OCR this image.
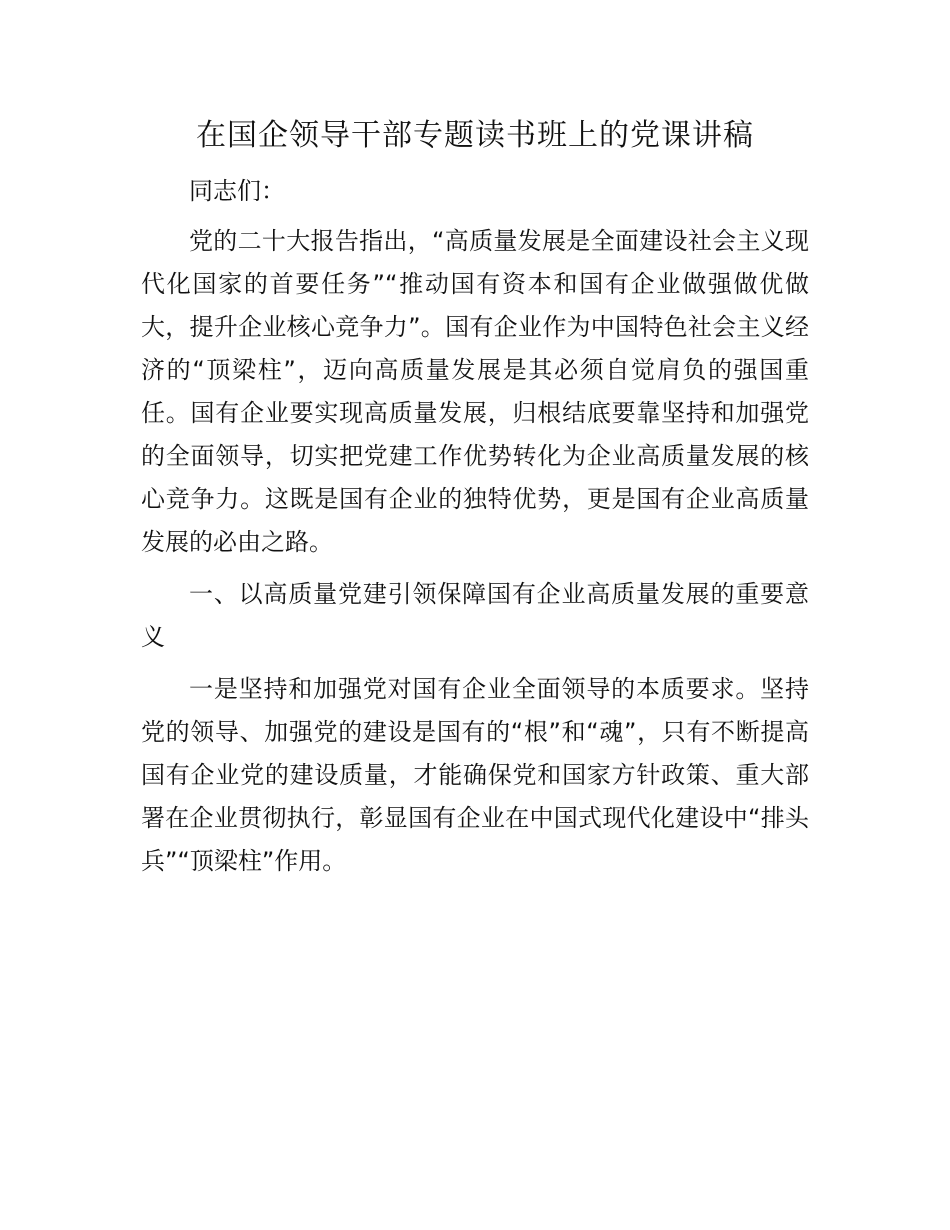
在国企领导干部专题读书班上的党课讲稿

同志们：

党的二十大报告指出，“高质量发展是全面建设社会主义现代化国家的首要任务”“推动国有资本和国有企业做强做优做大，提升企业核心竞争力”。国有企业作为中国特色社会主义经济的“顶梁柱”，迈向高质量发展是其必须自觉肩负的强国重任。国有企业要实现高质量发展，归根结底要靠坚持和加强党的全面领导，切实把党建工作优势转化为企业高质量发展的核心竞争力。这既是国有企业的独特优势，更是国有企业高质量发展的必由之路。

一、以高质量党建引领保障国有企业高质量发展的重要意义

一是坚持和加强党对国有企业全面领导的本质要求。坚持党的领导、加强党的建设是国有的“根”和“魂”，只有不断提高国有企业党的建设质量，才能确保党和国家方针政策、重大部署在企业贯彻执行，彰显国有企业在中国式现代化建设中“排头兵”“顶梁柱”作用。
